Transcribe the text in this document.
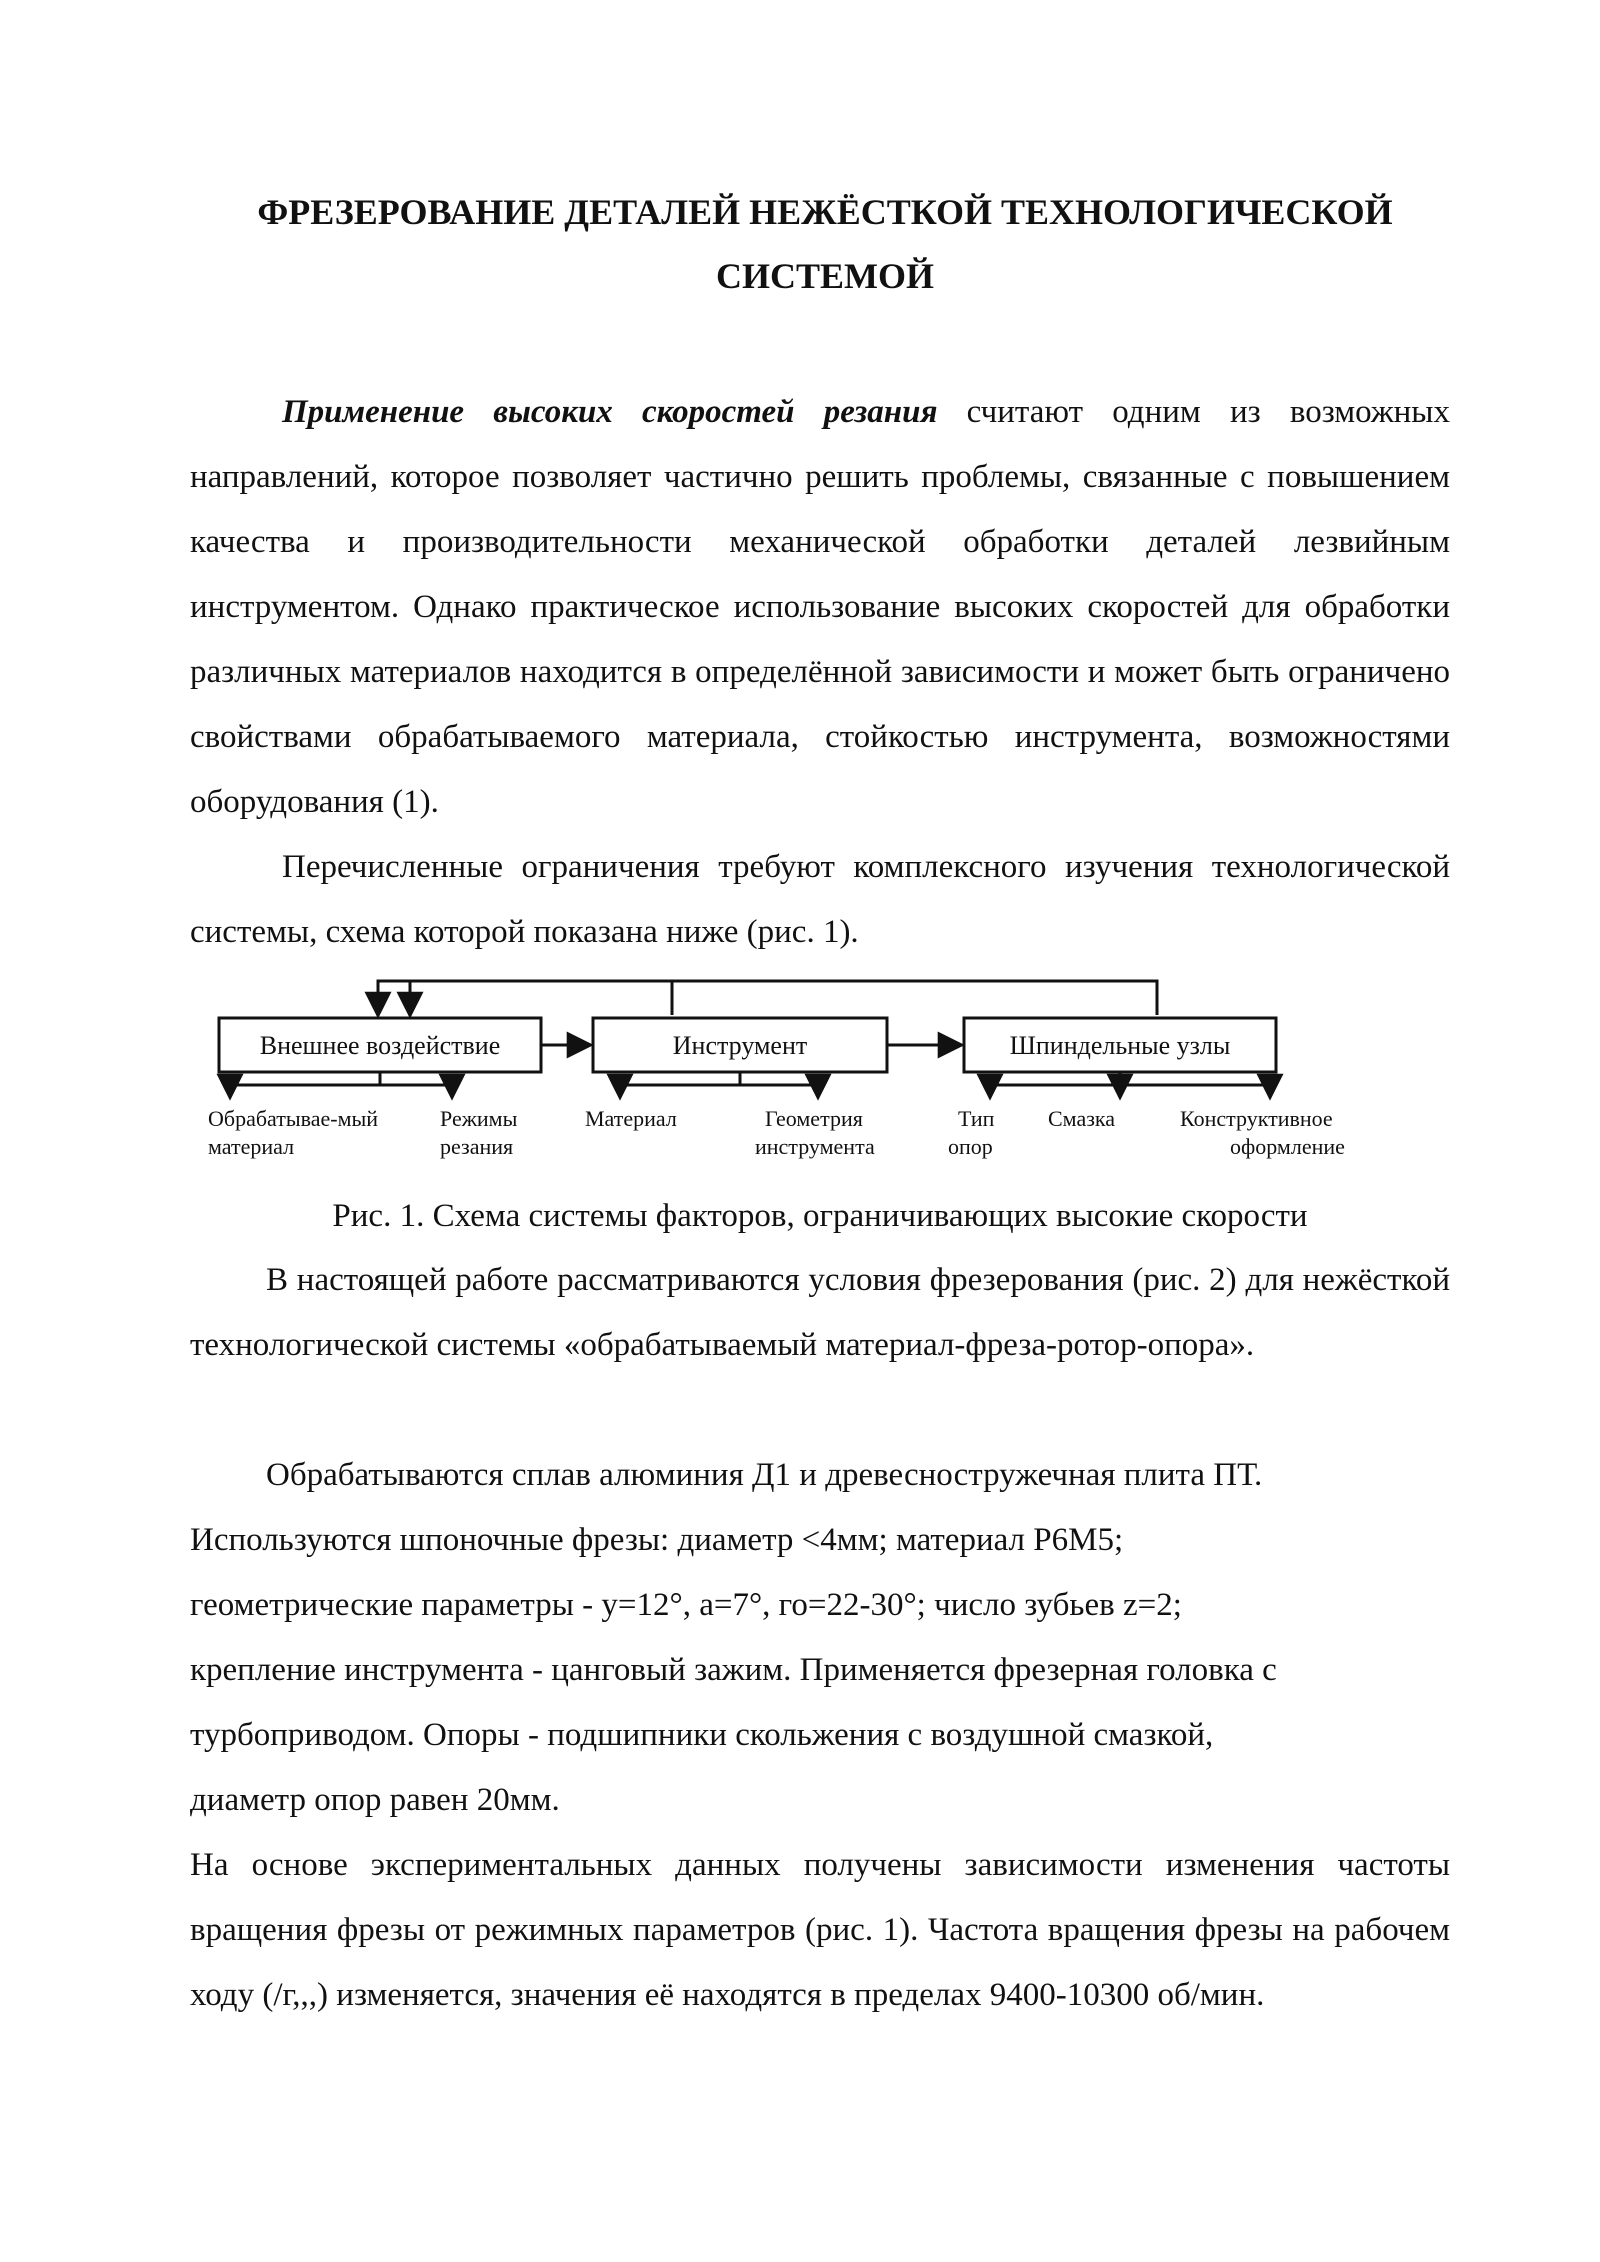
ФРЕЗЕРОВАНИЕ ДЕТАЛЕЙ НЕЖЁСТКОЙ ТЕХНОЛОГИЧЕСКОЙ
СИСТЕМОЙ

Применение высоких скоростей резания считают одним из возможных направлений, которое позволяет частично решить проблемы, связанные с повышением качества и производительности механической обработки деталей лезвийным инструментом. Однако практическое использование высоких скоростей для обработки различных материалов находится в определённой зависимости и может быть ограничено свойствами обрабатываемого материала, стойкостью инструмента, возможностями оборудования (1).

Перечисленные ограничения требуют комплексного изучения технологической системы, схема которой показана ниже (рис. 1).

Внешнее воздействие	Инструмент	Шпиндельные узлы
Обрабатывае-мый
материал
Режимы
резания
Материал	Геометрия
инструмента
Тип
опор
Смазка	Конструктивное
оформление
Рис. 1. Схема системы факторов, ограничивающих высокие скорости

В настоящей работе рассматриваются условия фрезерования (рис. 2) для нежёсткой технологической системы «обрабатываемый материал-фреза-ротор-опора».

Обрабатываются сплав алюминия Д1 и древесностружечная плита ПТ.
Используются шпоночные фрезы: диаметр <4мм; материал Р6М5;
геометрические параметры - у=12°, а=7°, го=22-30°; число зубьев z=2;
крепление инструмента - цанговый зажим. Применяется фрезерная головка с
турбоприводом. Опоры - подшипники скольжения с воздушной смазкой,
диаметр опор равен 20мм.

На основе экспериментальных данных получены зависимости изменения частоты вращения фрезы от режимных параметров (рис. 1). Частота вращения фрезы на рабочем ходу (/г,,,) изменяется, значения её находятся в пределах 9400-10300 об/мин.
